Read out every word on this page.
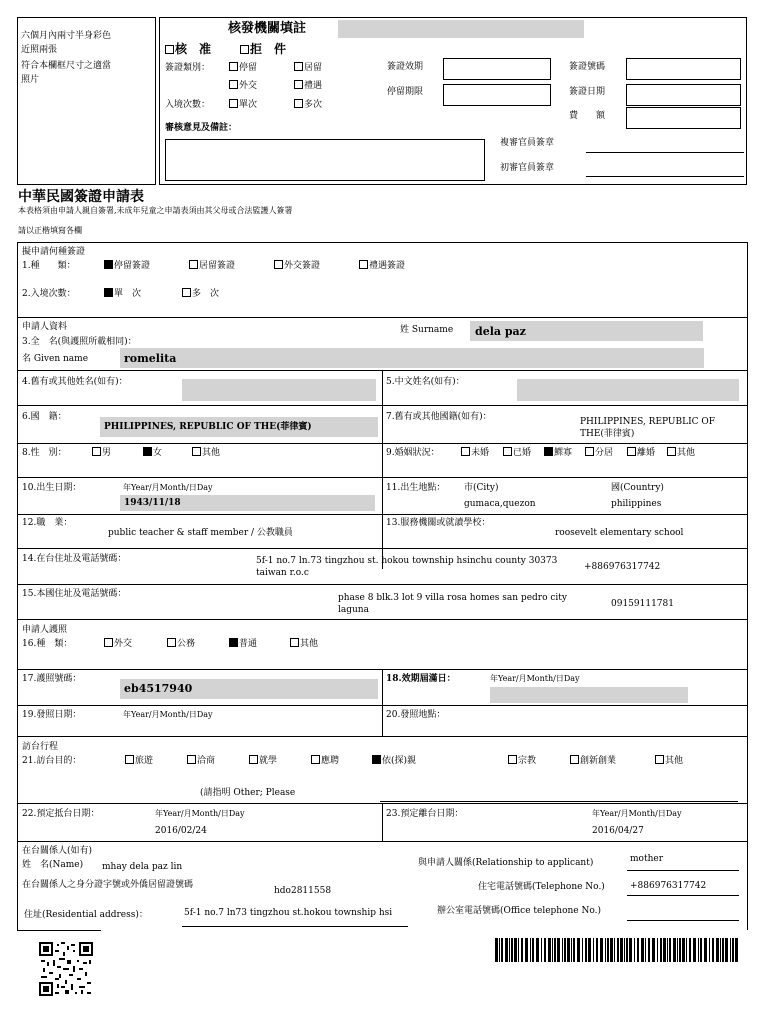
六個月內兩寸半身彩色
近照兩張
符合本欄框尺寸之適當
照片
核發機關填註
核　准	拒　件
簽證類別：	停留	居留
外交	禮遇
入境次數：	單次	多次
簽證效期
停留期限
簽證號碼
簽證日期
費　　額
審核意見及備註：
複審官員簽章
初審官員簽章
中華民國簽證申請表
本表格須由申請人親自簽署,未成年兒童之申請表須由其父母或合法監護人簽署
請以正楷填寫各欄
擬申請何種簽證
1.種　　類：	停留簽證	居留簽證	外交簽證	禮遇簽證
2.入境次數：	單　次	多　次
申請人資料
3.全　名(與護照所載相同)：
姓 Surname dela paz
名 Given name	romelita
4.舊有或其他姓名(如有)：	5.中文姓名(如有)：
6.國　籍：
PHILIPPINES, REPUBLIC OF THE(菲律賓)
7.舊有或其他國籍(如有)：	PHILIPPINES, REPUBLIC OF
THE(菲律賓)
8.性　別：	男	女	其他	9.婚姻狀況：	未婚	已婚	鰥寡	分居	離婚	其他
10.出生日期：	年Year/月Month/日Day
1943/11/18
11.出生地點： 市(City)
gumaca,quezon
國(Country)
philippines
12.職　業：
public teacher & staff member / 公教職員
13.服務機關或就讀學校：
roosevelt elementary school
14.在台住址及電話號碼：	5f-1 no.7 ln.73 tingzhou st. hokou township hsinchu county 30373
taiwan r.o.c
+886976317742
15.本國住址及電話號碼：	phase 8 blk.3 lot 9 villa rosa homes san pedro city
laguna
09159111781
申請人護照
16.種　類：	外交	公務	普通	其他
17.護照號碼：
eb4517940
18.效期屆滿日：	年Year/月Month/日Day
19.發照日期：	年Year/月Month/日Day	20.發照地點：
訪台行程
21.訪台目的：	旅遊	洽商	就學	應聘	依(探)親	宗教	創新創業	其他
(請指明 Other; Please
22.預定抵台日期：	年Year/月Month/日Day
2016/02/24
23.預定離台日期：	年Year/月Month/日Day
2016/04/27
在台關係人(如有)
姓　名(Name) mhay dela paz lin	與申請人關係(Relationship to applicant)	mother
在台關係人之身分證字號或外僑居留證號碼
hdo2811558	住宅電話號碼(Telephone No.)	+886976317742
住址(Residential address)：	5f-1 no.7 ln73 tingzhou st.hokou township hsi	辦公室電話號碼(Office telephone No.)
